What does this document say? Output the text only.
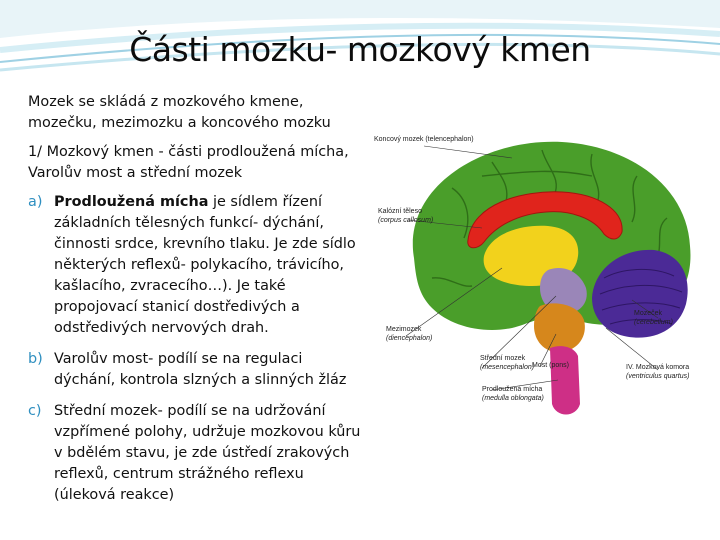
Části mozku- mozkový kmen

Mozek se skládá z mozkového kmene, mozečku, mezimozku a koncového mozku

1/ Mozkový kmen - části prodloužená mícha, Varolův most a střední mozek

a) Prodloužená mícha je sídlem řízení základních tělesných funkcí- dýchání, činnosti srdce, krevního tlaku. Je zde sídlo některých reflexů- polykacího, trávicího, kašlacího, zvracecího…). Je také propojovací stanicí dostředivých a odstředivých nervových drah.
b) Varolův most- podílí se na regulaci dýchání, kontrola slzných a slinných žláz
c) Střední mozek- podílí se na udržování vzpřímené polohy, udržuje mozkovou kůru v bdělém stavu, je zde ústředí zrakových reflexů, centrum strážného reflexu (úleková reakce)
Koncový mozek (telencephalon)
Kalózní těleso
(corpus callosum)
Mezimozek
(diencephalon)
Mozeček
(cerebellum)
Střední mozek
(mesencephalon)
Most (pons)	IV. Mozková komora
(ventriculus quartus)
Prodloužená mícha
(medulla oblongata)
